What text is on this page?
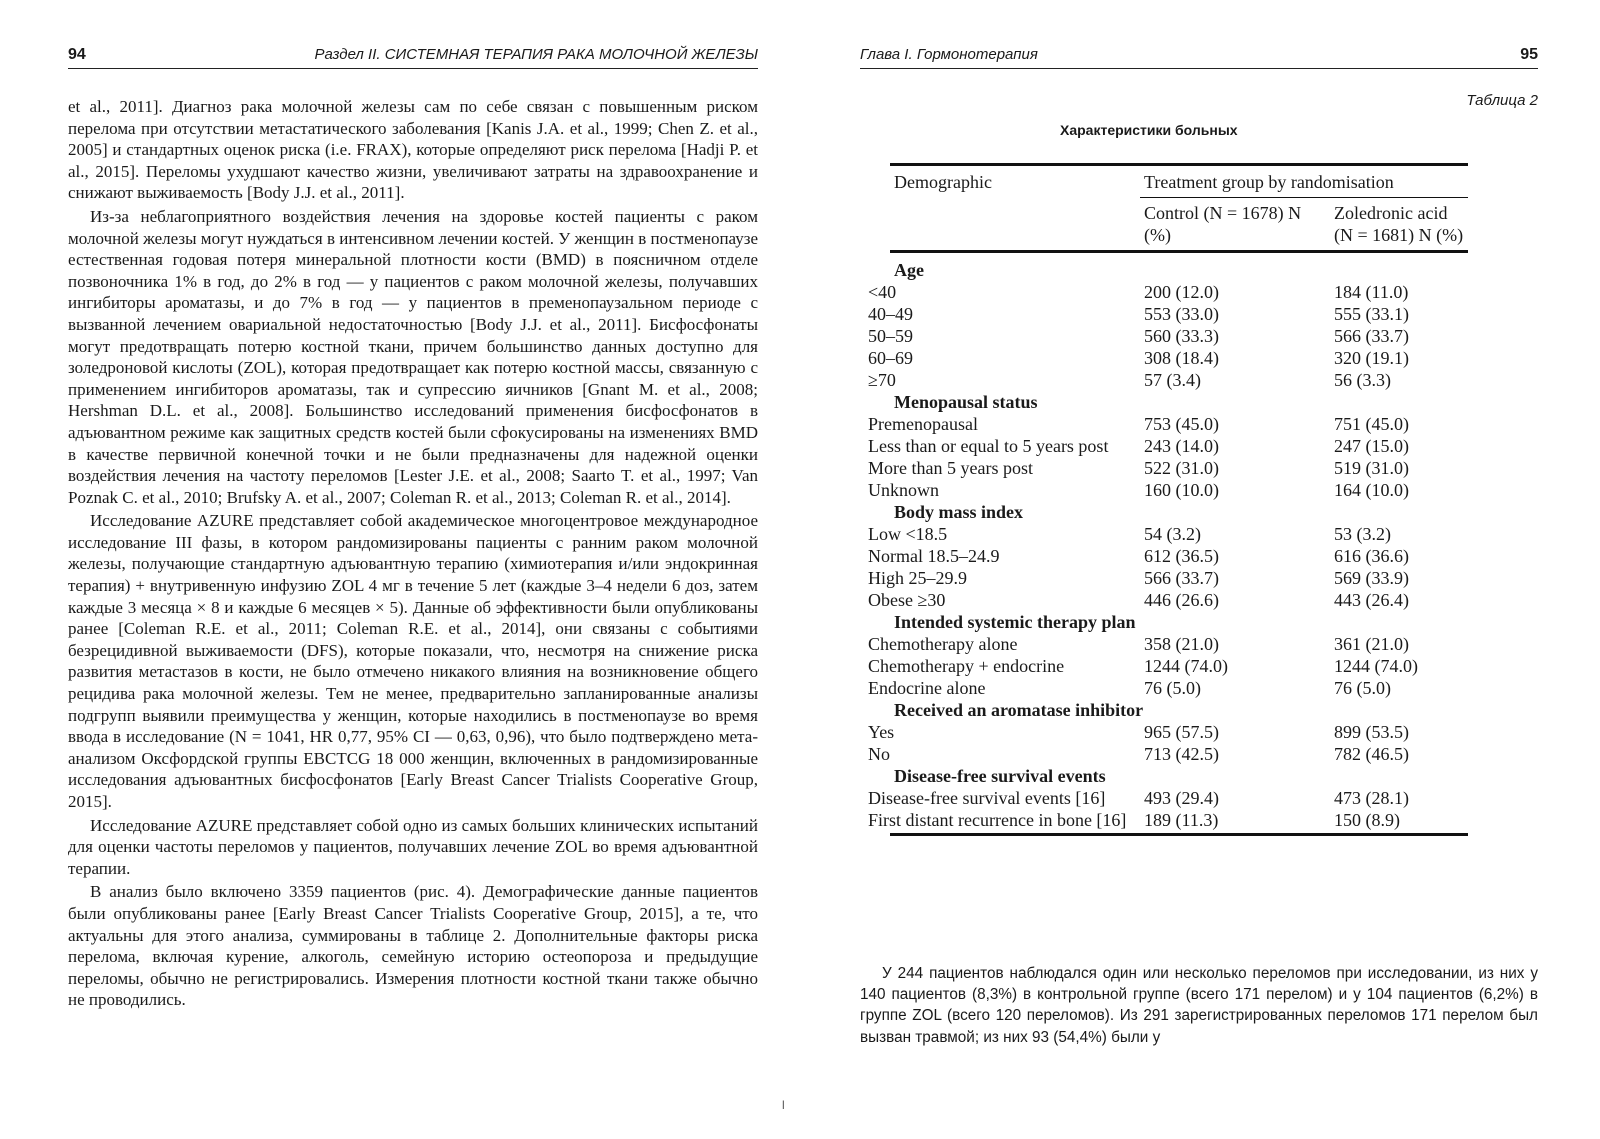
94	Раздел II. СИСТЕМНАЯ ТЕРАПИЯ РАКА МОЛОЧНОЙ ЖЕЛЕЗЫ

et al., 2011]. Диагноз рака молочной железы сам по себе связан с повышенным риском перелома при отсутствии метастатического заболевания [Kanis J.A. et al., 1999; Chen Z. et al., 2005] и стандартных оценок риска (i.e. FRAX), которые определяют риск перелома [Hadji P. et al., 2015]. Переломы ухудшают качество жизни, увеличивают затраты на здравоохранение и снижают выживаемость [Body J.J. et al., 2011].

Из-за неблагоприятного воздействия лечения на здоровье костей пациенты с раком молочной железы могут нуждаться в интенсивном лечении костей. У женщин в постменопаузе естественная годовая потеря минеральной плотности кости (BMD) в поясничном отделе позвоночника 1% в год, до 2% в год — у пациентов с раком молочной железы, получавших ингибиторы ароматазы, и до 7% в год — у пациентов в пременопаузальном периоде с вызванной лечением овариальной недостаточностью [Body J.J. et al., 2011]. Бисфосфонаты могут предотвращать потерю костной ткани, причем большинство данных доступно для золедроновой кислоты (ZOL), которая предотвращает как потерю костной массы, связанную с применением ингибиторов ароматазы, так и супрессию яичников [Gnant M. et al., 2008; Hershman D.L. et al., 2008]. Большинство исследований применения бисфосфонатов в адъювантном режиме как защитных средств костей были сфокусированы на изменениях BMD в качестве первичной конечной точки и не были предназначены для надежной оценки воздействия лечения на частоту переломов [Lester J.E. et al., 2008; Saarto T. et al., 1997; Van Poznak C. et al., 2010; Brufsky A. et al., 2007; Coleman R. et al., 2013; Coleman R. et al., 2014].

Исследование AZURE представляет собой академическое многоцентровое международное исследование III фазы, в котором рандомизированы пациенты с ранним раком молочной железы, получающие стандартную адъювантную терапию (химиотерапия и/или эндокринная терапия) + внутривенную инфузию ZOL 4 мг в течение 5 лет (каждые 3–4 недели 6 доз, затем каждые 3 месяца × 8 и каждые 6 месяцев × 5). Данные об эффективности были опубликованы ранее [Coleman R.E. et al., 2011; Coleman R.E. et al., 2014], они связаны с событиями безрецидивной выживаемости (DFS), которые показали, что, несмотря на снижение риска развития метастазов в кости, не было отмечено никакого влияния на возникновение общего рецидива рака молочной железы. Тем не менее, предварительно запланированные анализы подгрупп выявили преимущества у женщин, которые находились в постменопаузе во время ввода в исследование (N = 1041, HR 0,77, 95% CI — 0,63, 0,96), что было подтверждено мета-анализом Оксфордской группы EBCTCG 18 000 женщин, включенных в рандомизированные исследования адъювантных бисфосфонатов [Early Breast Cancer Trialists Cooperative Group, 2015].

Исследование AZURE представляет собой одно из самых больших клинических испытаний для оценки частоты переломов у пациентов, получавших лечение ZOL во время адъювантной терапии.

В анализ было включено 3359 пациентов (рис. 4). Демографические данные пациентов были опубликованы ранее [Early Breast Cancer Trialists Cooperative Group, 2015], а те, что актуальны для этого анализа, суммированы в таблице 2. Дополнительные факторы риска перелома, включая курение, алкоголь, семейную историю остеопороза и предыдущие переломы, обычно не регистрировались. Измерения плотности костной ткани также обычно не проводились.

Глава I. Гормонотерапия	95
Таблица 2
Характеристики больных
Demographic	Treatment group by randomisation	
	Control (N = 1678) N (%)	Zoledronic acid (N = 1681) N (%)
Age		
<40	200 (12.0)	184 (11.0)
40–49	553 (33.0)	555 (33.1)
50–59	560 (33.3)	566 (33.7)
60–69	308 (18.4)	320 (19.1)
≥70	57 (3.4)	56 (3.3)
Menopausal status		
Premenopausal	753 (45.0)	751 (45.0)
Less than or equal to 5 years post	243 (14.0)	247 (15.0)
More than 5 years post	522 (31.0)	519 (31.0)
Unknown	160 (10.0)	164 (10.0)
Body mass index		
Low <18.5	54 (3.2)	53 (3.2)
Normal 18.5–24.9	612 (36.5)	616 (36.6)
High 25–29.9	566 (33.7)	569 (33.9)
Obese ≥30	446 (26.6)	443 (26.4)
Intended systemic therapy plan		
Chemotherapy alone	358 (21.0)	361 (21.0)
Chemotherapy + endocrine	1244 (74.0)	1244 (74.0)
Endocrine alone	76 (5.0)	76 (5.0)
Received an aromatase inhibitor		
Yes	965 (57.5)	899 (53.5)
No	713 (42.5)	782 (46.5)
Disease-free survival events		
Disease-free survival events [16]	493 (29.4)	473 (28.1)
First distant recurrence in bone [16]	189 (11.3)	150 (8.9)

У 244 пациентов наблюдался один или несколько переломов при исследовании, из них у 140 пациентов (8,3%) в контрольной группе (всего 171 перелом) и у 104 пациентов (6,2%) в группе ZOL (всего 120 переломов). Из 291 зарегистрированных переломов 171 перелом был вызван травмой; из них 93 (54,4%) были у

l
